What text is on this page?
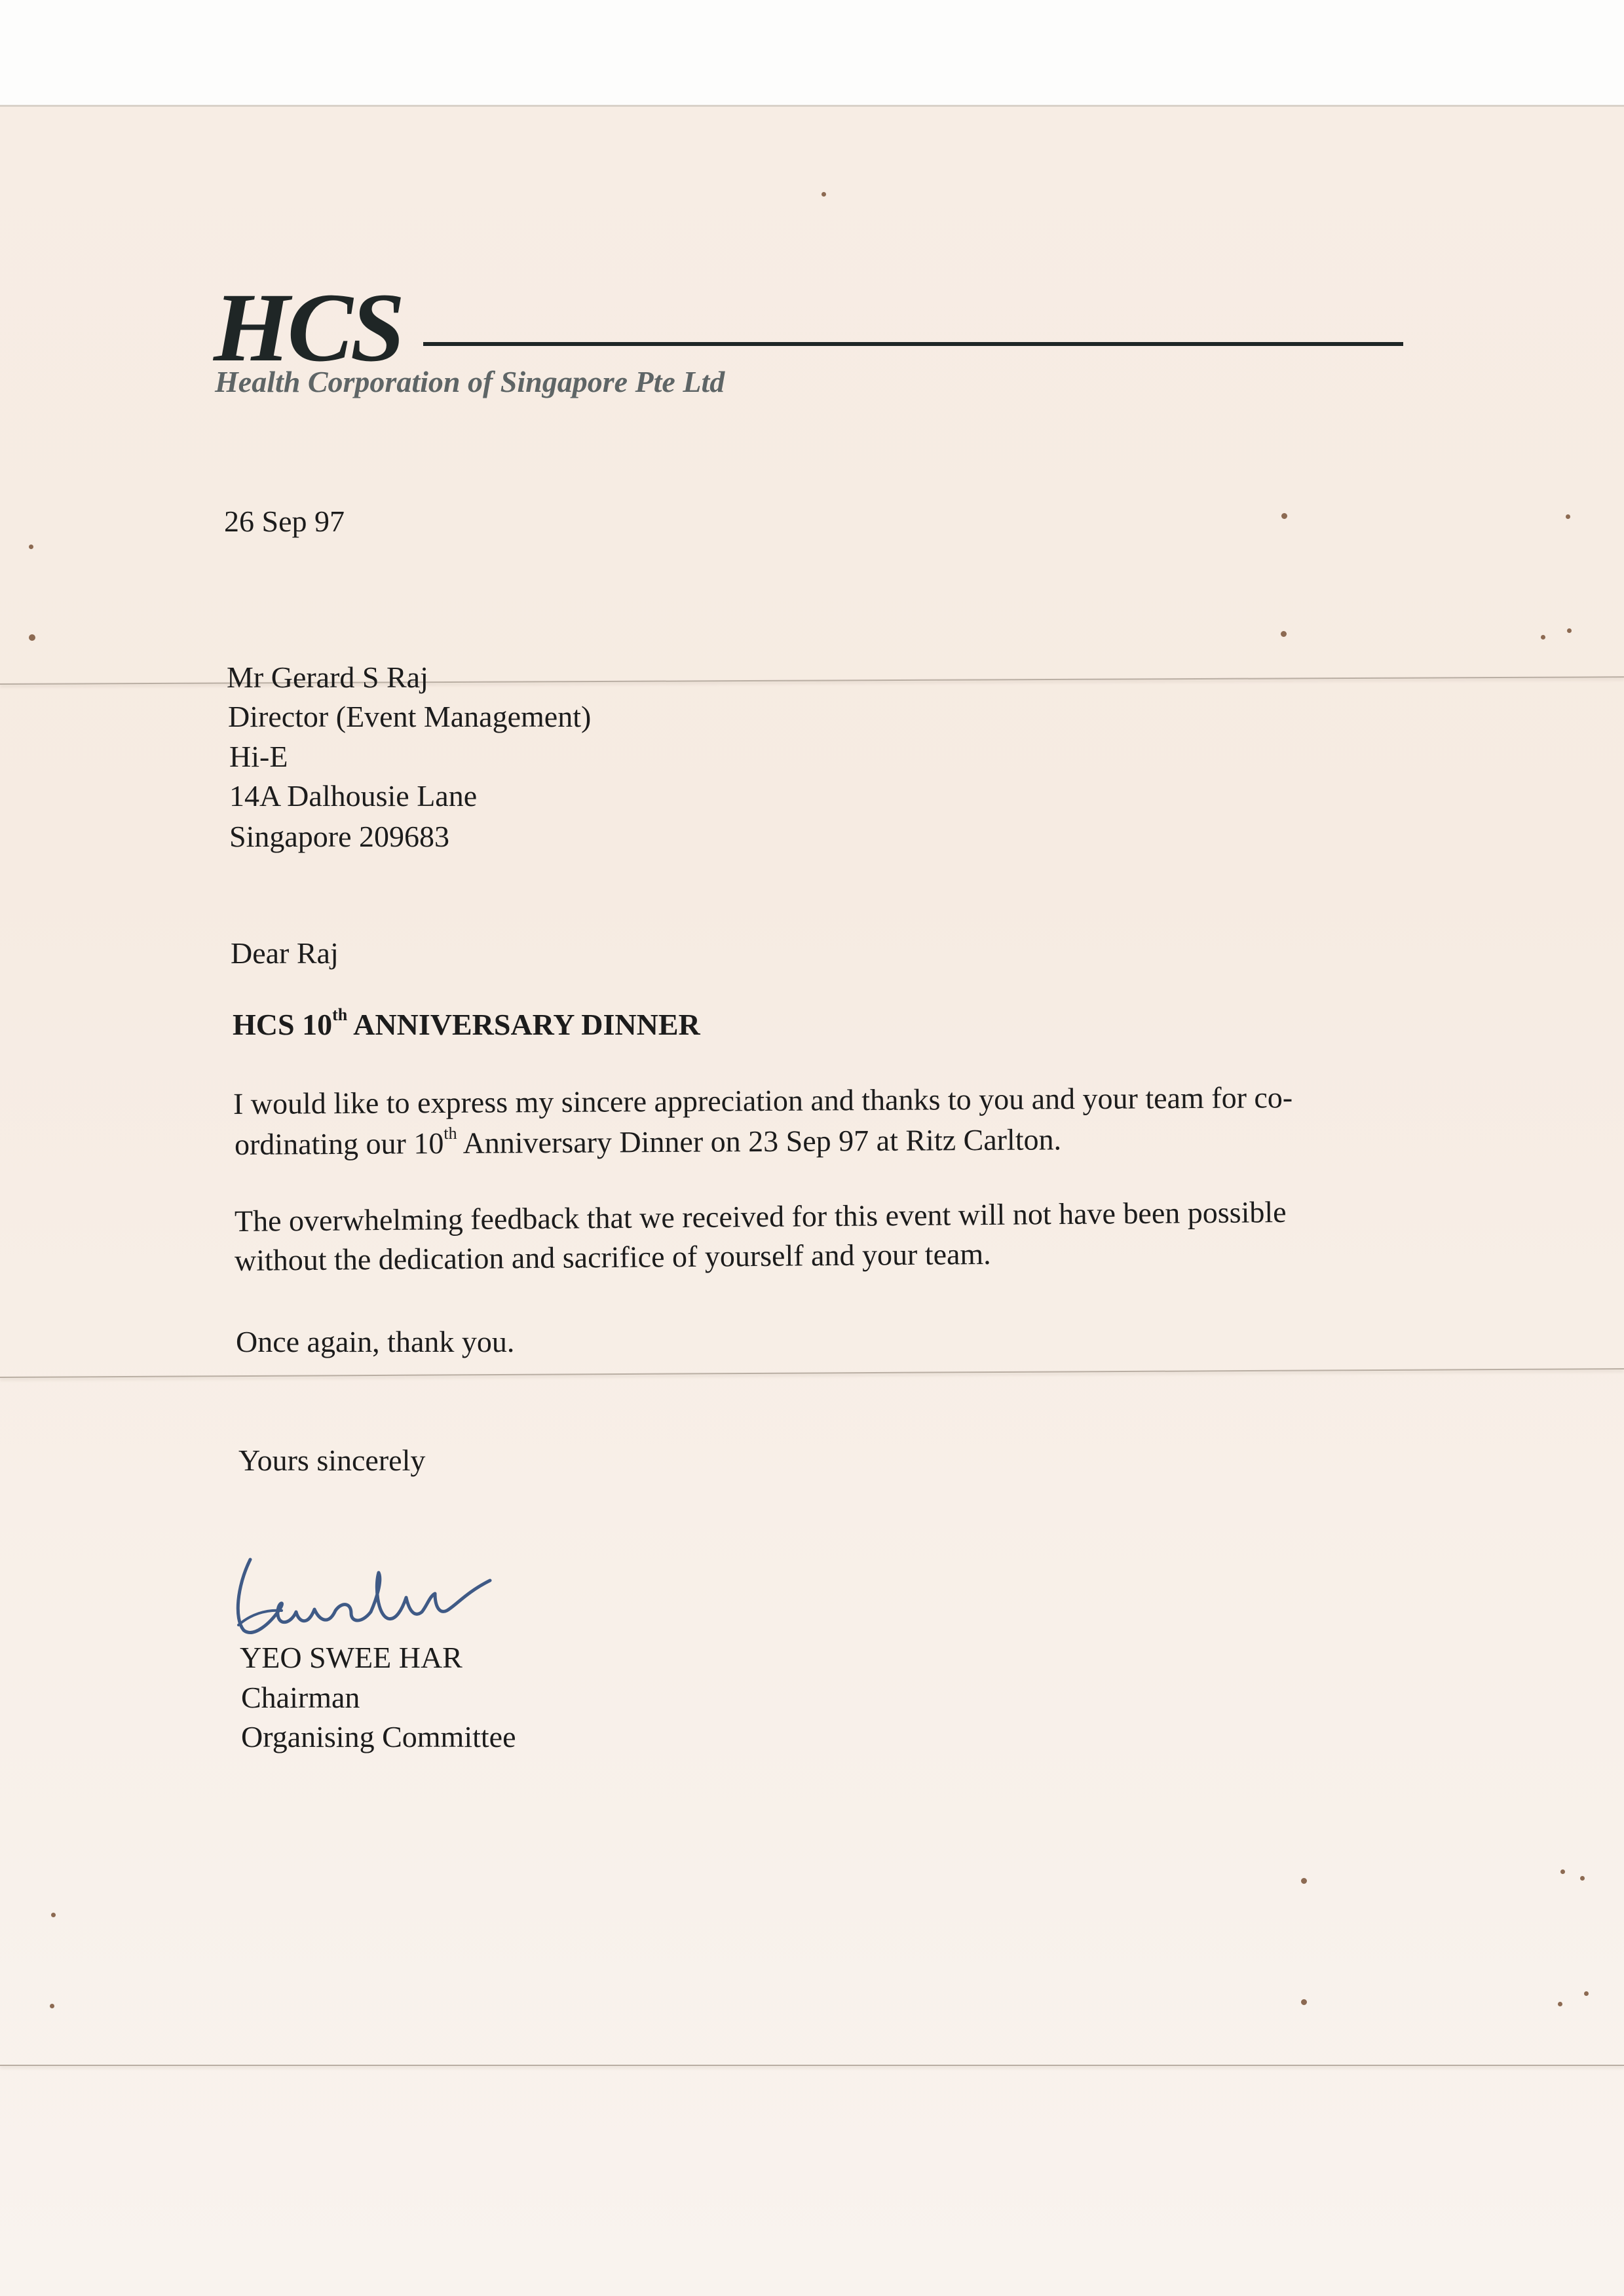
HCS
Health Corporation of Singapore Pte Ltd
26 Sep 97
Mr Gerard S Raj
Director (Event Management)
Hi-E
14A Dalhousie Lane
Singapore 209683
Dear Raj
HCS 10th ANNIVERSARY DINNER
I would like to express my sincere appreciation and thanks to you and your team for co-
ordinating our 10th Anniversary Dinner on 23 Sep 97 at Ritz Carlton.
The overwhelming feedback that we received for this event will not have been possible
without the dedication and sacrifice of yourself and your team.
Once again, thank you.
Yours sincerely
YEO SWEE HAR
Chairman
Organising Committee
